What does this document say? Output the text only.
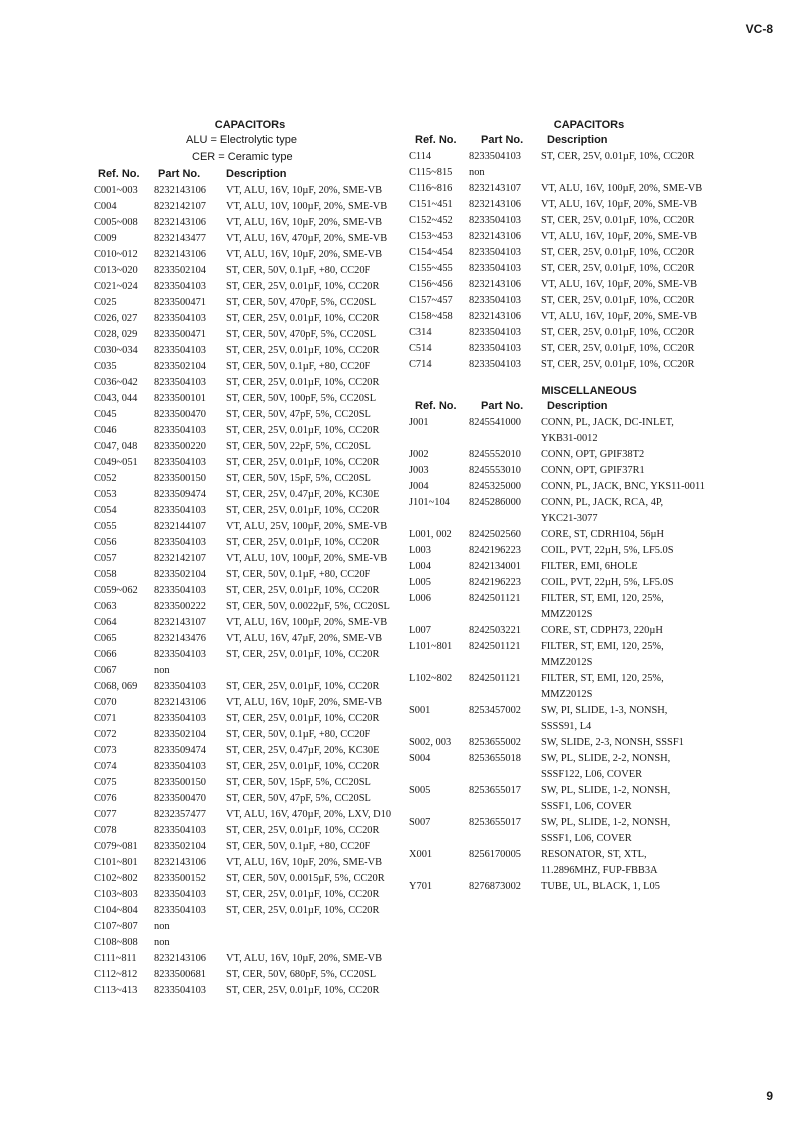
VC-8
CAPACITORs
ALU = Electrolytic type
CER = Ceramic type
Ref. No.	Part No.	Description
C001~003	8232143106	VT, ALU, 16V, 10µF, 20%, SME-VB
C004	8232142107	VT, ALU, 10V, 100µF, 20%, SME-VB
C005~008	8232143106	VT, ALU, 16V, 10µF, 20%, SME-VB
C009	8232143477	VT, ALU, 16V, 470µF, 20%, SME-VB
C010~012	8232143106	VT, ALU, 16V, 10µF, 20%, SME-VB
C013~020	8233502104	ST, CER, 50V, 0.1µF, +80, CC20F
C021~024	8233504103	ST, CER, 25V, 0.01µF, 10%, CC20R
C025	8233500471	ST, CER, 50V, 470pF, 5%, CC20SL
C026, 027	8233504103	ST, CER, 25V, 0.01µF, 10%, CC20R
C028, 029	8233500471	ST, CER, 50V, 470pF, 5%, CC20SL
C030~034	8233504103	ST, CER, 25V, 0.01µF, 10%, CC20R
C035	8233502104	ST, CER, 50V, 0.1µF, +80, CC20F
C036~042	8233504103	ST, CER, 25V, 0.01µF, 10%, CC20R
C043, 044	8233500101	ST, CER, 50V, 100pF, 5%, CC20SL
C045	8233500470	ST, CER, 50V, 47pF, 5%, CC20SL
C046	8233504103	ST, CER, 25V, 0.01µF, 10%, CC20R
C047, 048	8233500220	ST, CER, 50V, 22pF, 5%, CC20SL
C049~051	8233504103	ST, CER, 25V, 0.01µF, 10%, CC20R
C052	8233500150	ST, CER, 50V, 15pF, 5%, CC20SL
C053	8233509474	ST, CER, 25V, 0.47µF, 20%, KC30E
C054	8233504103	ST, CER, 25V, 0.01µF, 10%, CC20R
C055	8232144107	VT, ALU, 25V, 100µF, 20%, SME-VB
C056	8233504103	ST, CER, 25V, 0.01µF, 10%, CC20R
C057	8232142107	VT, ALU, 10V, 100µF, 20%, SME-VB
C058	8233502104	ST, CER, 50V, 0.1µF, +80, CC20F
C059~062	8233504103	ST, CER, 25V, 0.01µF, 10%, CC20R
C063	8233500222	ST, CER, 50V, 0.0022µF, 5%, CC20SL
C064	8232143107	VT, ALU, 16V, 100µF, 20%, SME-VB
C065	8232143476	VT, ALU, 16V, 47µF, 20%, SME-VB
C066	8233504103	ST, CER, 25V, 0.01µF, 10%, CC20R
C067	non
C068, 069	8233504103	ST, CER, 25V, 0.01µF, 10%, CC20R
C070	8232143106	VT, ALU, 16V, 10µF, 20%, SME-VB
C071	8233504103	ST, CER, 25V, 0.01µF, 10%, CC20R
C072	8233502104	ST, CER, 50V, 0.1µF, +80, CC20F
C073	8233509474	ST, CER, 25V, 0.47µF, 20%, KC30E
C074	8233504103	ST, CER, 25V, 0.01µF, 10%, CC20R
C075	8233500150	ST, CER, 50V, 15pF, 5%, CC20SL
C076	8233500470	ST, CER, 50V, 47pF, 5%, CC20SL
C077	8232357477	VT, ALU, 16V, 470µF, 20%, LXV, D10
C078	8233504103	ST, CER, 25V, 0.01µF, 10%, CC20R
C079~081	8233502104	ST, CER, 50V, 0.1µF, +80, CC20F
C101~801	8232143106	VT, ALU, 16V, 10µF, 20%, SME-VB
C102~802	8233500152	ST, CER, 50V, 0.0015µF, 5%, CC20R
C103~803	8233504103	ST, CER, 25V, 0.01µF, 10%, CC20R
C104~804	8233504103	ST, CER, 25V, 0.01µF, 10%, CC20R
C107~807	non
C108~808	non
C111~811	8232143106	VT, ALU, 16V, 10µF, 20%, SME-VB
C112~812	8233500681	ST, CER, 50V, 680pF, 5%, CC20SL
C113~413	8233504103	ST, CER, 25V, 0.01µF, 10%, CC20R
CAPACITORs
Ref. No.	Part No.	Description
C114	8233504103	ST, CER, 25V, 0.01µF, 10%, CC20R
C115~815	non
C116~816	8232143107	VT, ALU, 16V, 100µF, 20%, SME-VB
C151~451	8232143106	VT, ALU, 16V, 10µF, 20%, SME-VB
C152~452	8233504103	ST, CER, 25V, 0.01µF, 10%, CC20R
C153~453	8232143106	VT, ALU, 16V, 10µF, 20%, SME-VB
C154~454	8233504103	ST, CER, 25V, 0.01µF, 10%, CC20R
C155~455	8233504103	ST, CER, 25V, 0.01µF, 10%, CC20R
C156~456	8232143106	VT, ALU, 16V, 10µF, 20%, SME-VB
C157~457	8233504103	ST, CER, 25V, 0.01µF, 10%, CC20R
C158~458	8232143106	VT, ALU, 16V, 10µF, 20%, SME-VB
C314	8233504103	ST, CER, 25V, 0.01µF, 10%, CC20R
C514	8233504103	ST, CER, 25V, 0.01µF, 10%, CC20R
C714	8233504103	ST, CER, 25V, 0.01µF, 10%, CC20R
MISCELLANEOUS
Ref. No.	Part No.	Description
J001	8245541000	CONN, PL, JACK, DC-INLET,
YKB31-0012
J002	8245552010	CONN, OPT, GPIF38T2
J003	8245553010	CONN, OPT, GPIF37R1
J004	8245325000	CONN, PL, JACK, BNC, YKS11-0011
J101~104	8245286000	CONN, PL, JACK, RCA, 4P,
YKC21-3077
L001, 002	8242502560	CORE, ST, CDRH104, 56µH
L003	8242196223	COIL, PVT, 22µH, 5%, LF5.0S
L004	8242134001	FILTER, EMI, 6HOLE
L005	8242196223	COIL, PVT, 22µH, 5%, LF5.0S
L006	8242501121	FILTER, ST, EMI, 120, 25%,
MMZ2012S
L007	8242503221	CORE, ST, CDPH73, 220µH
L101~801	8242501121	FILTER, ST, EMI, 120, 25%,
MMZ2012S
L102~802	8242501121	FILTER, ST, EMI, 120, 25%,
MMZ2012S
S001	8253457002	SW, PI, SLIDE, 1-3, NONSH,
SSSS91, L4
S002, 003	8253655002	SW, SLIDE, 2-3, NONSH, SSSF1
S004	8253655018	SW, PL, SLIDE, 2-2, NONSH,
SSSF122, L06, COVER
S005	8253655017	SW, PL, SLIDE, 1-2, NONSH,
SSSF1, L06, COVER
S007	8253655017	SW, PL, SLIDE, 1-2, NONSH,
SSSF1, L06, COVER
X001	8256170005	RESONATOR, ST, XTL,
11.2896MHZ, FUP-FBB3A
Y701	8276873002	TUBE, UL, BLACK, 1, L05
9
